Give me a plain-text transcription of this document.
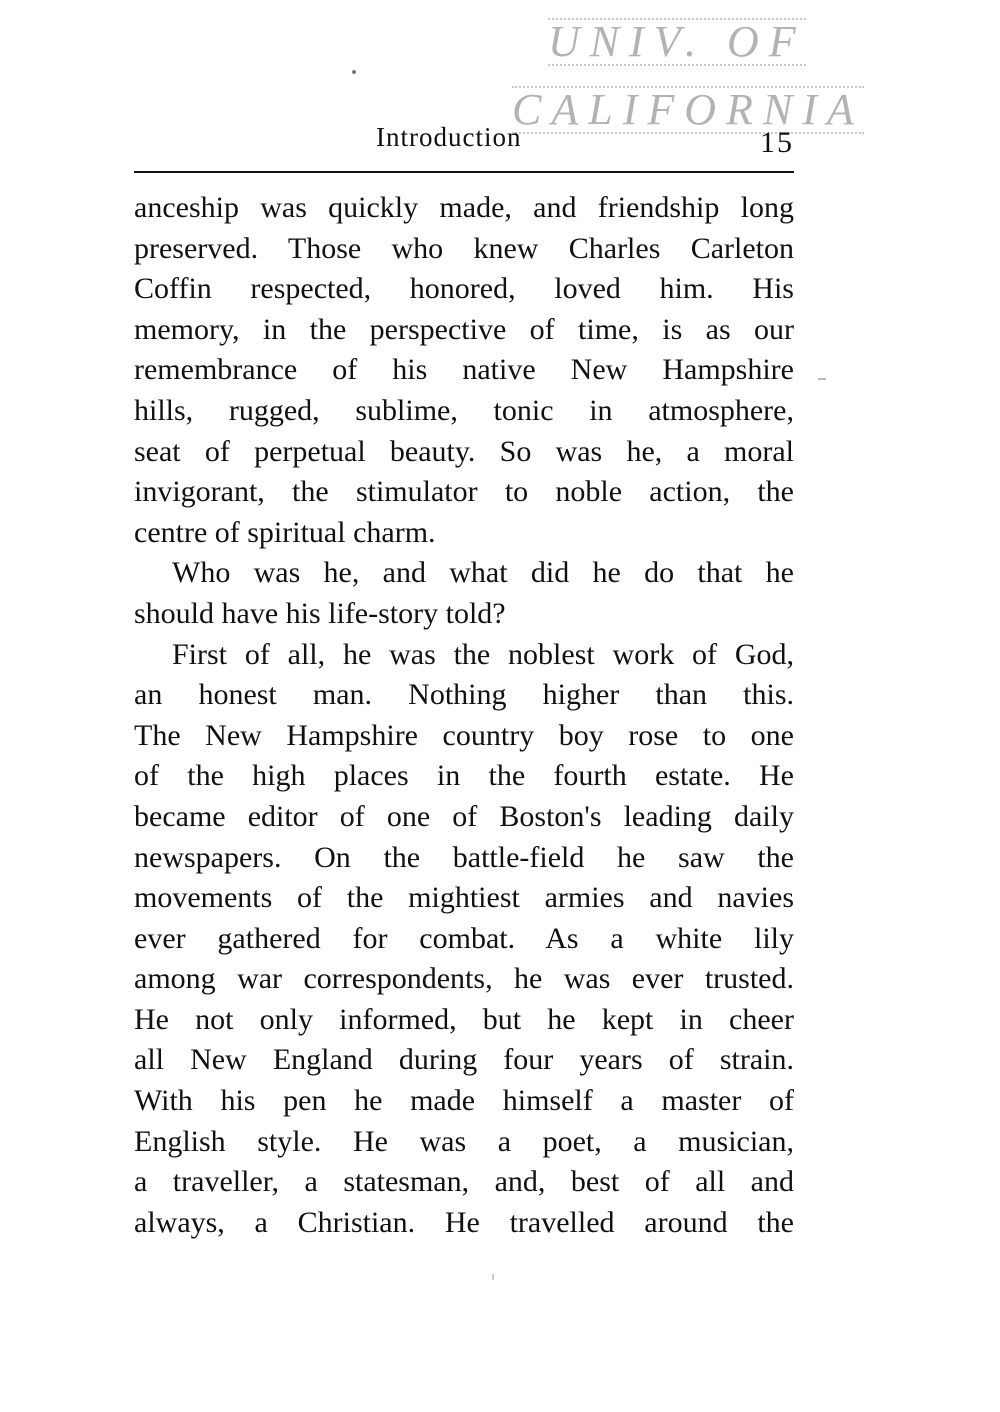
UNIV. OF
CALIFORNIA
Introduction	15
anceship was quickly made, and friendship long
preserved. Those who knew Charles Carleton
Coffin respected, honored, loved him. His
memory, in the perspective of time, is as our
remembrance of his native New Hampshire
hills, rugged, sublime, tonic in atmosphere,
seat of perpetual beauty. So was he, a moral
invigorant, the stimulator to noble action, the
centre of spiritual charm.
Who was he, and what did he do that he
should have his life-story told?
First of all, he was the noblest work of God,
an honest man. Nothing higher than this.
The New Hampshire country boy rose to one
of the high places in the fourth estate. He
became editor of one of Boston's leading daily
newspapers. On the battle-field he saw the
movements of the mightiest armies and navies
ever gathered for combat. As a white lily
among war correspondents, he was ever trusted.
He not only informed, but he kept in cheer
all New England during four years of strain.
With his pen he made himself a master of
English style. He was a poet, a musician,
a traveller, a statesman, and, best of all and
always, a Christian. He travelled around the
